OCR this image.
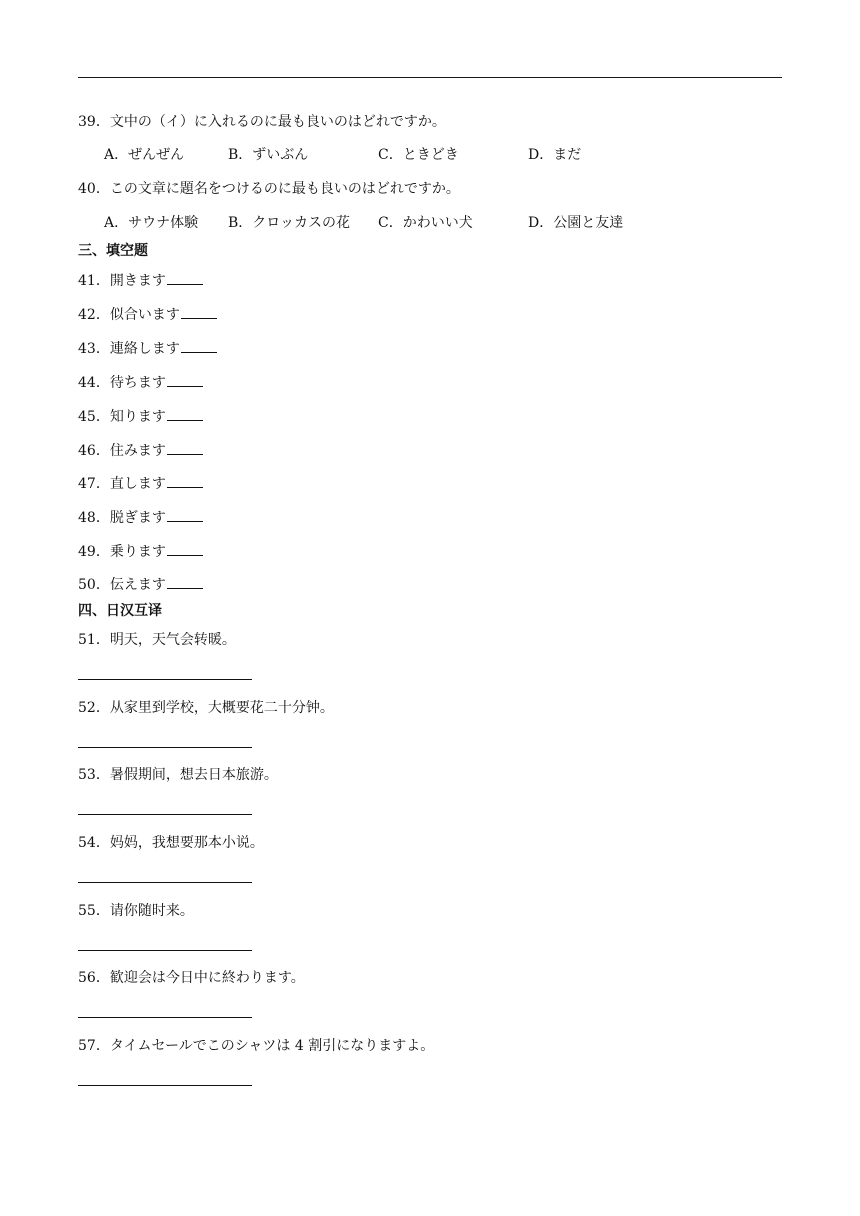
39．文中の（イ）に入れるのに最も良いのはどれですか。
A．ぜんぜん	B．ずいぶん	C．ときどき	D．まだ
40．この文章に題名をつけるのに最も良いのはどれですか。
A．サウナ体験 B．クロッカスの花 C．かわいい犬	D．公園と友達
三、填空题
41．開きます
42．似合います
43．連絡します
44．待ちます
45．知ります
46．住みます
47．直します
48．脱ぎます
49．乗ります
50．伝えます
四、日汉互译
51．明天，天气会转暖。
52．从家里到学校，大概要花二十分钟。
53．暑假期间，想去日本旅游。
54．妈妈，我想要那本小说。
55．请你随时来。
56．歓迎会は今日中に終わります。
57．タイムセールでこのシャツは 4 割引になりますよ。
